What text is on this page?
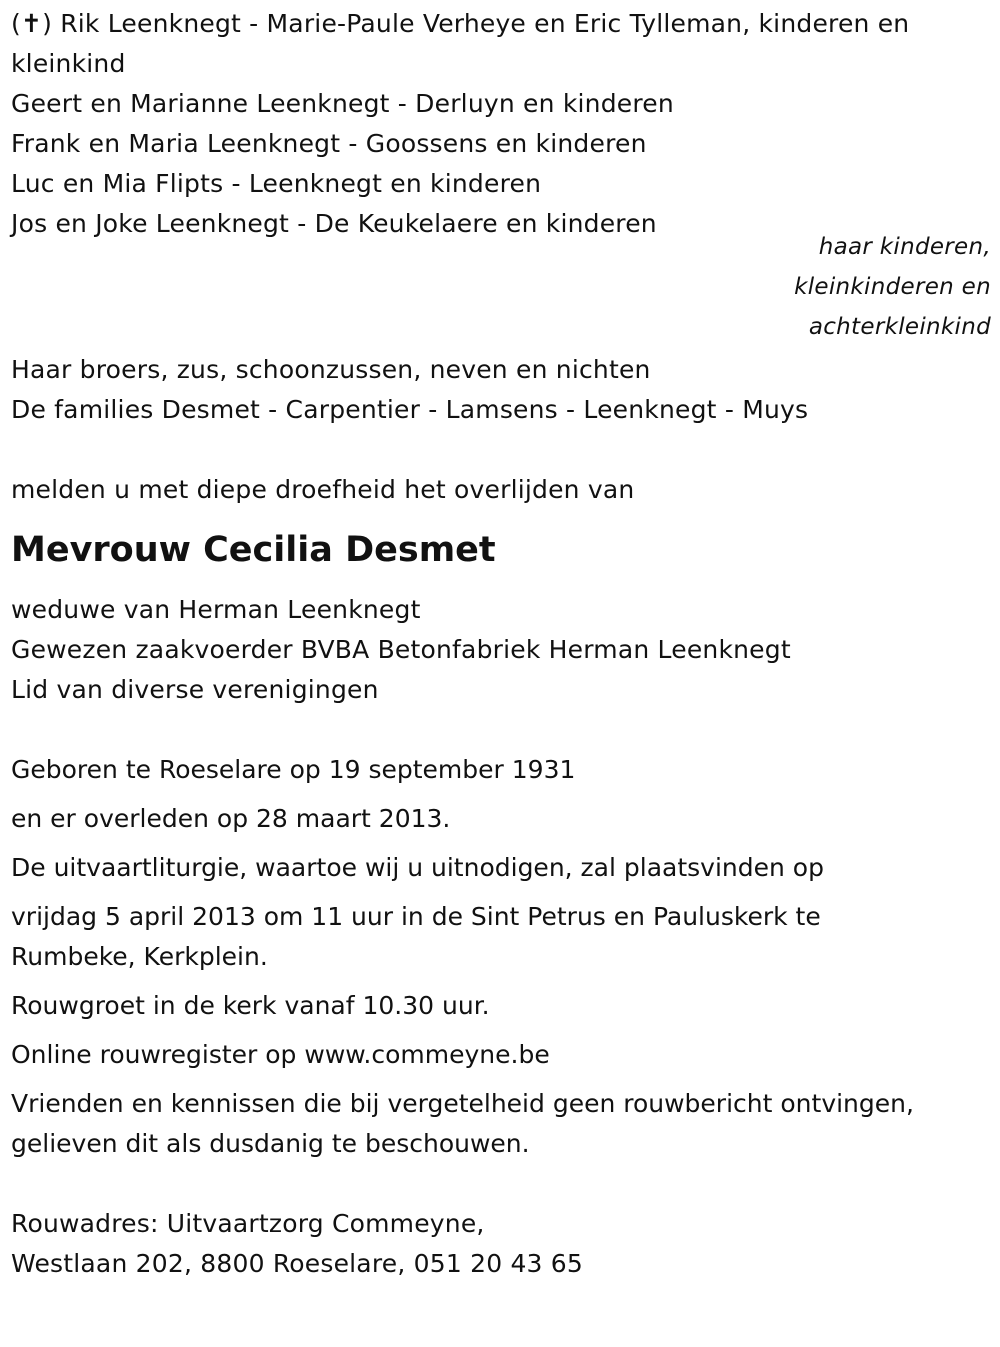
(✝) Rik Leenknegt - Marie-Paule Verheye en Eric Tylleman, kinderen en
kleinkind
Geert en Marianne Leenknegt - Derluyn en kinderen
Frank en Maria Leenknegt - Goossens en kinderen
Luc en Mia Flipts - Leenknegt en kinderen
Jos en Joke Leenknegt - De Keukelaere en kinderen
haar kinderen,
kleinkinderen en
achterkleinkind
Haar broers, zus, schoonzussen, neven en nichten
De families Desmet - Carpentier - Lamsens - Leenknegt - Muys
melden u met diepe droefheid het overlijden van
Mevrouw Cecilia Desmet
weduwe van Herman Leenknegt
Gewezen zaakvoerder BVBA Betonfabriek Herman Leenknegt
Lid van diverse verenigingen
Geboren te Roeselare op 19 september 1931
en er overleden op 28 maart 2013.
De uitvaartliturgie, waartoe wij u uitnodigen, zal plaatsvinden op
vrijdag 5 april 2013 om 11 uur in de Sint Petrus en Pauluskerk te
Rumbeke, Kerkplein.
Rouwgroet in de kerk vanaf 10.30 uur.
Online rouwregister op www.commeyne.be
Vrienden en kennissen die bij vergetelheid geen rouwbericht ontvingen,
gelieven dit als dusdanig te beschouwen.
Rouwadres: Uitvaartzorg Commeyne,
Westlaan 202, 8800 Roeselare, 051 20 43 65
